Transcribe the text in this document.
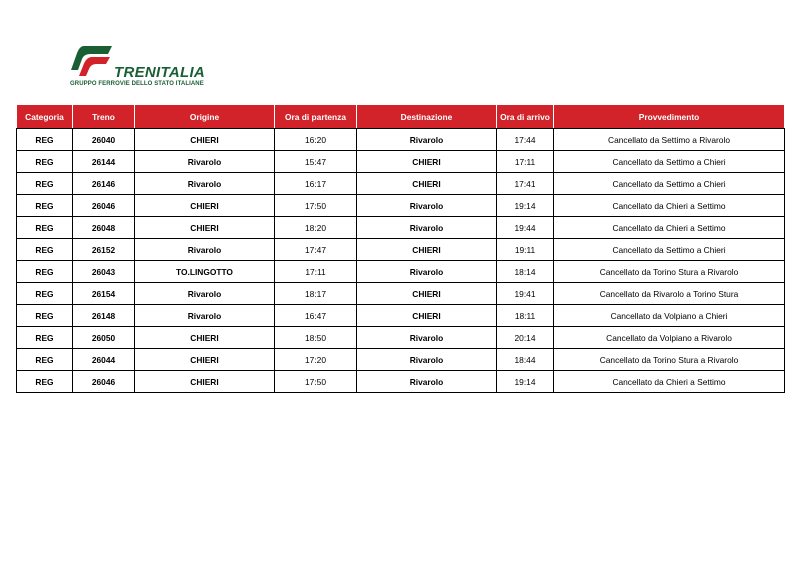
TRENITALIA
GRUPPO FERROVIE DELLO STATO ITALIANE
Categoria	Treno	Origine	Ora di partenza	Destinazione	Ora di arrivo	Provvedimento
REG	26040	CHIERI	16:20	Rivarolo	17:44	Cancellato da Settimo a Rivarolo
REG	26144	Rivarolo	15:47	CHIERI	17:11	Cancellato da Settimo a Chieri
REG	26146	Rivarolo	16:17	CHIERI	17:41	Cancellato da Settimo a Chieri
REG	26046	CHIERI	17:50	Rivarolo	19:14	Cancellato da Chieri a Settimo
REG	26048	CHIERI	18:20	Rivarolo	19:44	Cancellato da Chieri a Settimo
REG	26152	Rivarolo	17:47	CHIERI	19:11	Cancellato da Settimo a Chieri
REG	26043	TO.LINGOTTO	17:11	Rivarolo	18:14	Cancellato da Torino Stura a Rivarolo
REG	26154	Rivarolo	18:17	CHIERI	19:41	Cancellato da Rivarolo a Torino Stura
REG	26148	Rivarolo	16:47	CHIERI	18:11	Cancellato da Volpiano a Chieri
REG	26050	CHIERI	18:50	Rivarolo	20:14	Cancellato da Volpiano a Rivarolo
REG	26044	CHIERI	17:20	Rivarolo	18:44	Cancellato da Torino Stura a Rivarolo
REG	26046	CHIERI	17:50	Rivarolo	19:14	Cancellato da Chieri a Settimo
